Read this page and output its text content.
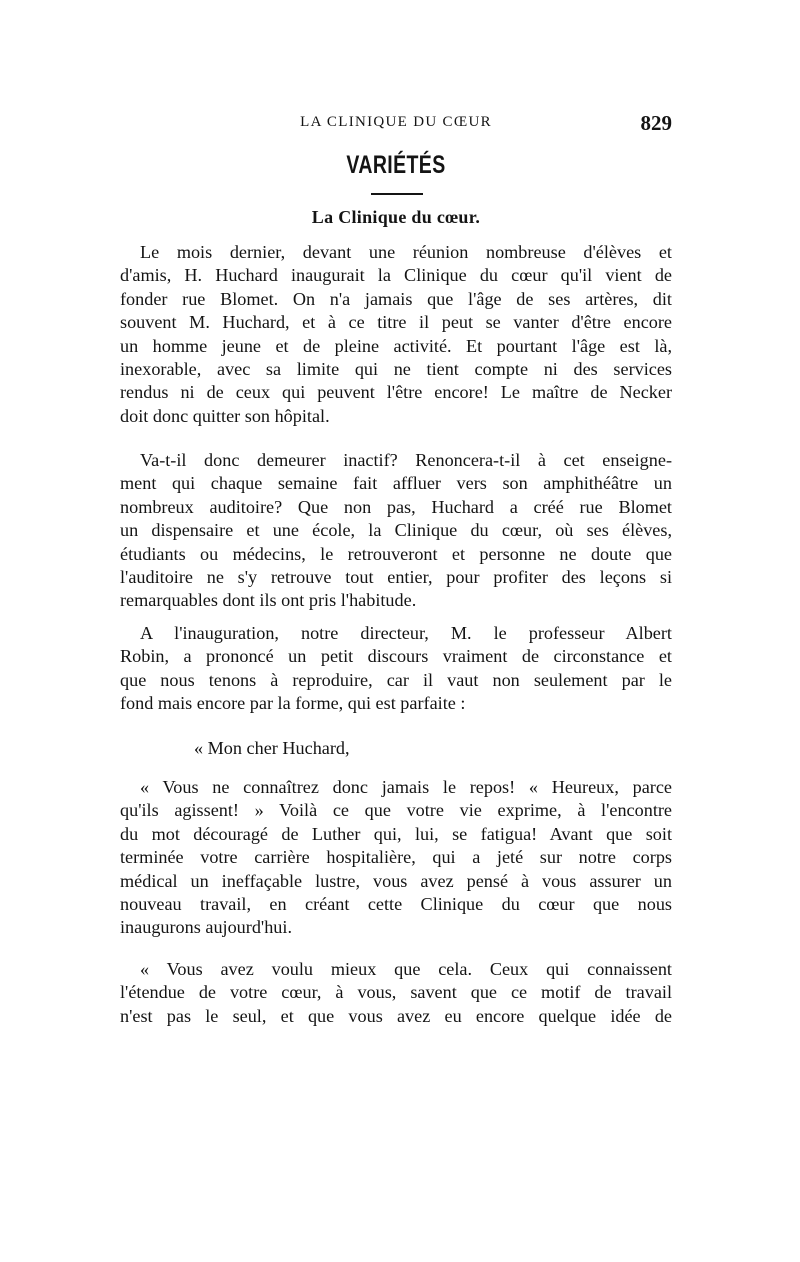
LA CLINIQUE DU CŒUR	829
VARIÉTÉS
La Clinique du cœur.
Le mois dernier, devant une réunion nombreuse d'élèves et
d'amis, H. Huchard inaugurait la Clinique du cœur qu'il vient de
fonder rue Blomet. On n'a jamais que l'âge de ses artères, dit
souvent M. Huchard, et à ce titre il peut se vanter d'être encore
un homme jeune et de pleine activité. Et pourtant l'âge est là,
inexorable, avec sa limite qui ne tient compte ni des services
rendus ni de ceux qui peuvent l'être encore! Le maître de Necker
doit donc quitter son hôpital.
Va-t-il donc demeurer inactif? Renoncera-t-il à cet enseigne-
ment qui chaque semaine fait affluer vers son amphithéâtre un
nombreux auditoire? Que non pas, Huchard a créé rue Blomet
un dispensaire et une école, la Clinique du cœur, où ses élèves,
étudiants ou médecins, le retrouveront et personne ne doute que
l'auditoire ne s'y retrouve tout entier, pour profiter des leçons si
remarquables dont ils ont pris l'habitude.
A l'inauguration, notre directeur, M. le professeur Albert
Robin, a prononcé un petit discours vraiment de circonstance et
que nous tenons à reproduire, car il vaut non seulement par le
fond mais encore par la forme, qui est parfaite :
« Mon cher Huchard,
« Vous ne connaîtrez donc jamais le repos! « Heureux, parce
qu'ils agissent! » Voilà ce que votre vie exprime, à l'encontre
du mot découragé de Luther qui, lui, se fatigua! Avant que soit
terminée votre carrière hospitalière, qui a jeté sur notre corps
médical un ineffaçable lustre, vous avez pensé à vous assurer un
nouveau travail, en créant cette Clinique du cœur que nous
inaugurons aujourd'hui.
« Vous avez voulu mieux que cela. Ceux qui connaissent
l'étendue de votre cœur, à vous, savent que ce motif de travail
n'est pas le seul, et que vous avez eu encore quelque idée de
